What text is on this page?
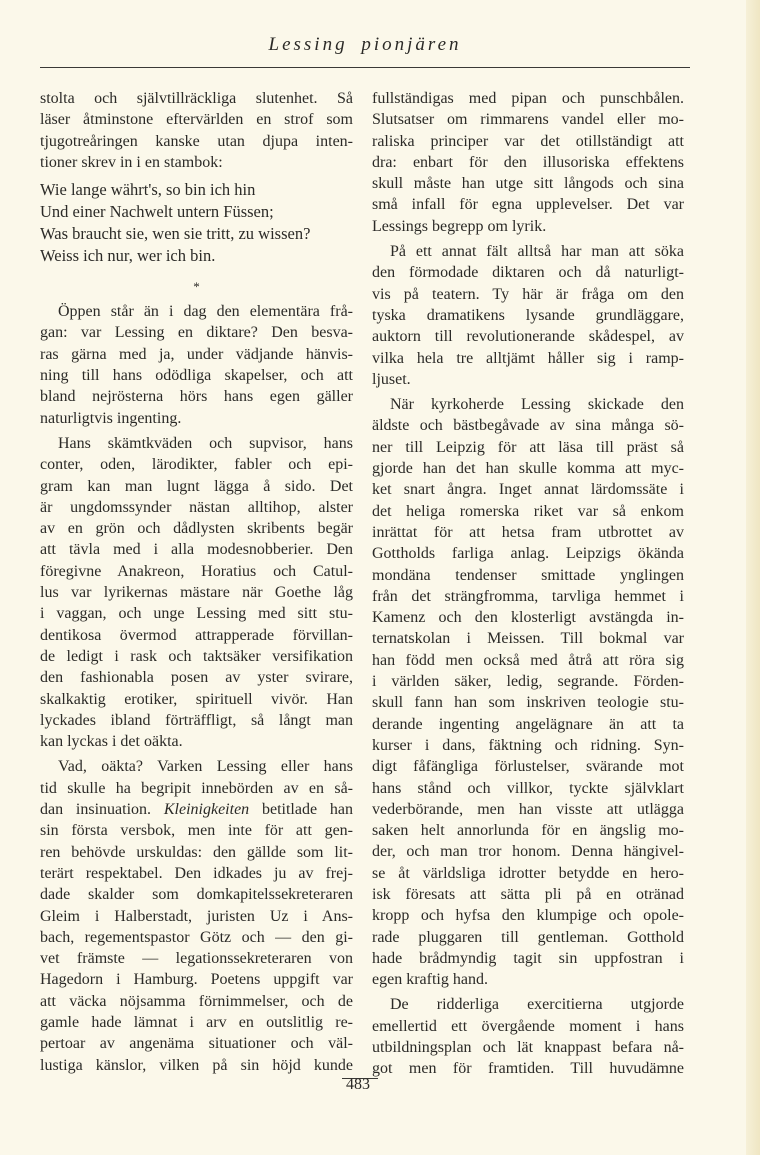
Lessing pionjären
stolta och självtillräckliga slutenhet. Så
läser åtminstone eftervärlden en strof som
tjugotreåringen kanske utan djupa inten-
tioner skrev in i en stambok:
Wie lange währt's, so bin ich hin
Und einer Nachwelt untern Füssen;
Was braucht sie, wen sie tritt, zu wissen?
Weiss ich nur, wer ich bin.
*
Öppen står än i dag den elementära frå-
gan: var Lessing en diktare? Den besva-
ras gärna med ja, under vädjande hänvis-
ning till hans odödliga skapelser, och att
bland nejrösterna hörs hans egen gäller
naturligtvis ingenting.
Hans skämtkväden och supvisor, hans
conter, oden, lärodikter, fabler och epi-
gram kan man lugnt lägga å sido. Det
är ungdomssynder nästan alltihop, alster
av en grön och dådlysten skribents begär
att tävla med i alla modesnobberier. Den
föregivne Anakreon, Horatius och Catul-
lus var lyrikernas mästare när Goethe låg
i vaggan, och unge Lessing med sitt stu-
dentikosa övermod attrapperade förvillan-
de ledigt i rask och taktsäker versifikation
den fashionabla posen av yster svirare,
skalkaktig erotiker, spirituell vivör. Han
lyckades ibland förträffligt, så långt man
kan lyckas i det oäkta.
Vad, oäkta? Varken Lessing eller hans
tid skulle ha begripit innebörden av en så-
dan insinuation. Kleinigkeiten betitlade han
sin första versbok, men inte för att gen-
ren behövde urskuldas: den gällde som lit-
terärt respektabel. Den idkades ju av frej-
dade skalder som domkapitelssekreteraren
Gleim i Halberstadt, juristen Uz i Ans-
bach, regementspastor Götz och — den gi-
vet främste — legationssekreteraren von
Hagedorn i Hamburg. Poetens uppgift var
att väcka nöjsamma förnimmelser, och de
gamle hade lämnat i arv en outslitlig re-
pertoar av angenäma situationer och väl-
lustiga känslor, vilken på sin höjd kunde
fullständigas med pipan och punschbålen.
Slutsatser om rimmarens vandel eller mo-
raliska principer var det otillständigt att
dra: enbart för den illusoriska effektens
skull måste han utge sitt långods och sina
små infall för egna upplevelser. Det var
Lessings begrepp om lyrik.
På ett annat fält alltså har man att söka
den förmodade diktaren och då naturligt-
vis på teatern. Ty här är fråga om den
tyska dramatikens lysande grundläggare,
auktorn till revolutionerande skådespel, av
vilka hela tre alltjämt håller sig i ramp-
ljuset.
När kyrkoherde Lessing skickade den
äldste och bästbegåvade av sina många sö-
ner till Leipzig för att läsa till präst så
gjorde han det han skulle komma att myc-
ket snart ångra. Inget annat lärdomssäte i
det heliga romerska riket var så enkom
inrättat för att hetsa fram utbrottet av
Gottholds farliga anlag. Leipzigs ökända
mondäna tendenser smittade ynglingen
från det strängfromma, tarvliga hemmet i
Kamenz och den klosterligt avstängda in-
ternatskolan i Meissen. Till bokmal var
han född men också med åtrå att röra sig
i världen säker, ledig, segrande. Förden-
skull fann han som inskriven teologie stu-
derande ingenting angelägnare än att ta
kurser i dans, fäktning och ridning. Syn-
digt fåfängliga förlustelser, svärande mot
hans stånd och villkor, tyckte självklart
vederbörande, men han visste att utlägga
saken helt annorlunda för en ängslig mo-
der, och man tror honom. Denna hängivel-
se åt världsliga idrotter betydde en hero-
isk föresats att sätta pli på en otränad
kropp och hyfsa den klumpige och opole-
rade pluggaren till gentleman. Gotthold
hade brådmyndig tagit sin uppfostran i
egen kraftig hand.
De ridderliga exercitierna utgjorde
emellertid ett övergående moment i hans
utbildningsplan och lät knappast befara nå-
got men för framtiden. Till huvudämne
483
